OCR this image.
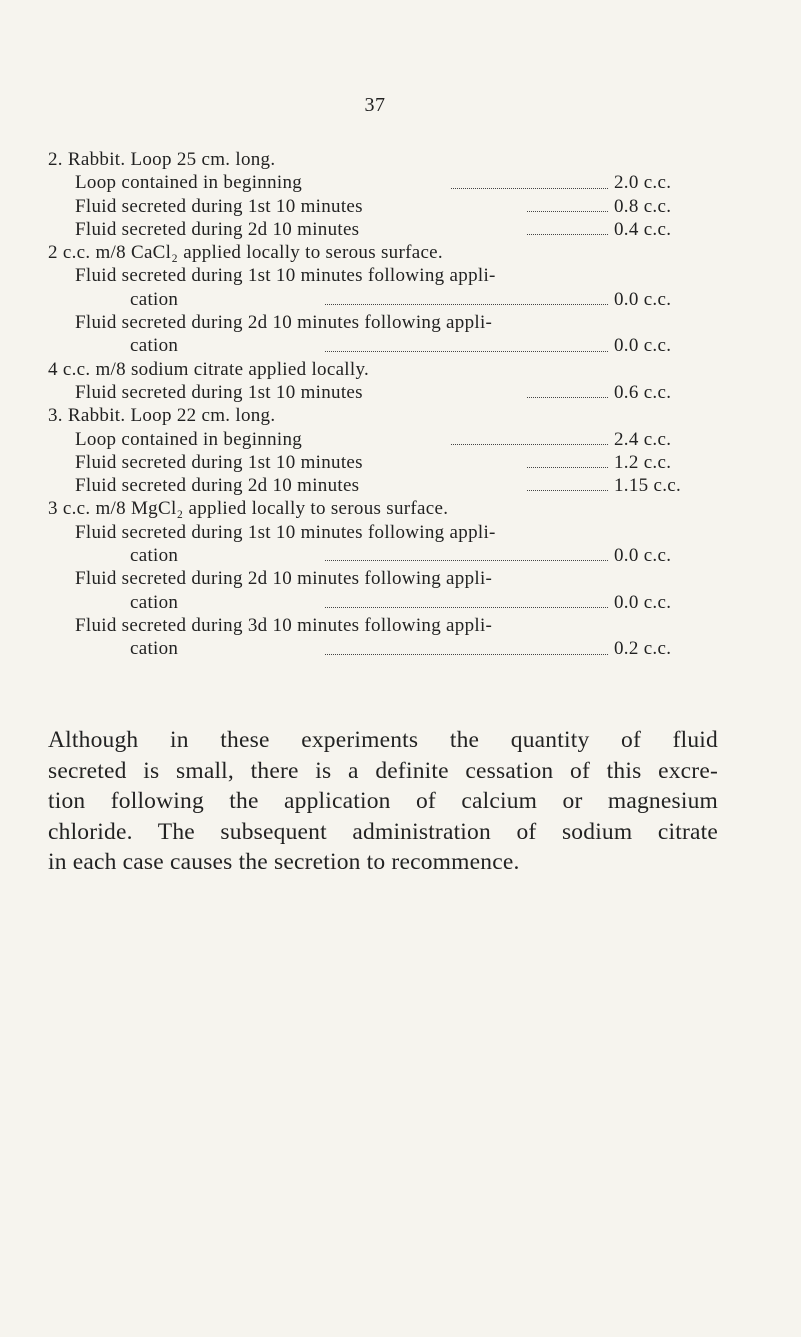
37
2. Rabbit. Loop 25 cm. long.
Loop contained in beginning	2.0 c.c.
Fluid secreted during 1st 10 minutes	0.8 c.c.
Fluid secreted during 2d 10 minutes	0.4 c.c.
2 c.c. m/8 CaCl₂ applied locally to serous surface.
Fluid secreted during 1st 10 minutes following appli-
cation	0.0 c.c.
Fluid secreted during 2d 10 minutes following appli-
cation	0.0 c.c.
4 c.c. m/8 sodium citrate applied locally.
Fluid secreted during 1st 10 minutes	0.6 c.c.
3. Rabbit. Loop 22 cm. long.
Loop contained in beginning	2.4 c.c.
Fluid secreted during 1st 10 minutes	1.2 c.c.
Fluid secreted during 2d 10 minutes	1.15 c.c.
3 c.c. m/8 MgCl₂ applied locally to serous surface.
Fluid secreted during 1st 10 minutes following appli-
cation	0.0 c.c.
Fluid secreted during 2d 10 minutes following appli-
cation	0.0 c.c.
Fluid secreted during 3d 10 minutes following appli-
cation	0.2 c.c.
Although in these experiments the quantity of fluid
secreted is small, there is a definite cessation of this excre-
tion following the application of calcium or magnesium
chloride. The subsequent administration of sodium citrate
in each case causes the secretion to recommence.
